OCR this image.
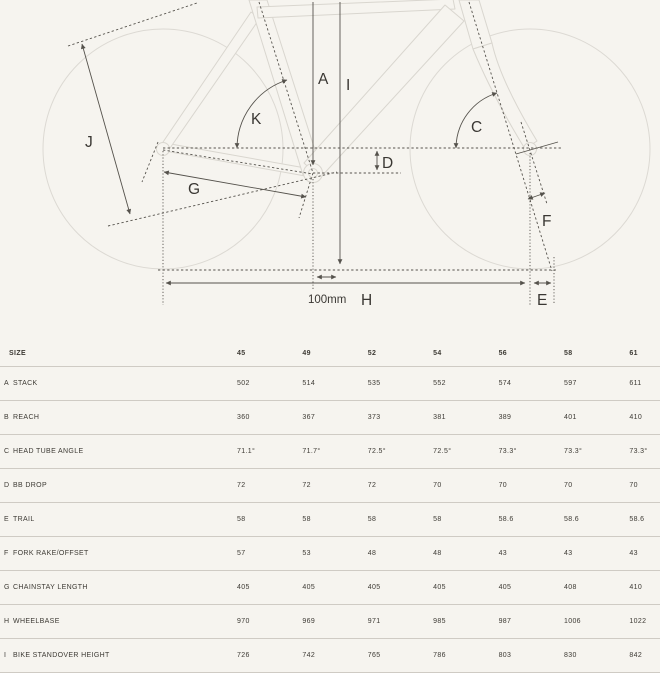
A I
J
K	C
D
G
F
H	E
100mm
SIZE	45	49	52	54	56	58	61
A STACK	502	514	535	552	574	597	611
B REACH	360	367	373	381	389	401	410
C HEAD TUBE ANGLE	71.1°	71.7°	72.5°	72.5°	73.3°	73.3°	73.3°
D BB DROP	72	72	72	70	70	70	70
E TRAIL	58	58	58	58	58.6	58.6	58.6
F FORK RAKE/OFFSET	57	53	48	48	43	43	43
G CHAINSTAY LENGTH	405	405	405	405	405	408	410
H WHEELBASE	970	969	971	985	987	1006	1022
I BIKE STANDOVER HEIGHT	726	742	765	786	803	830	842
